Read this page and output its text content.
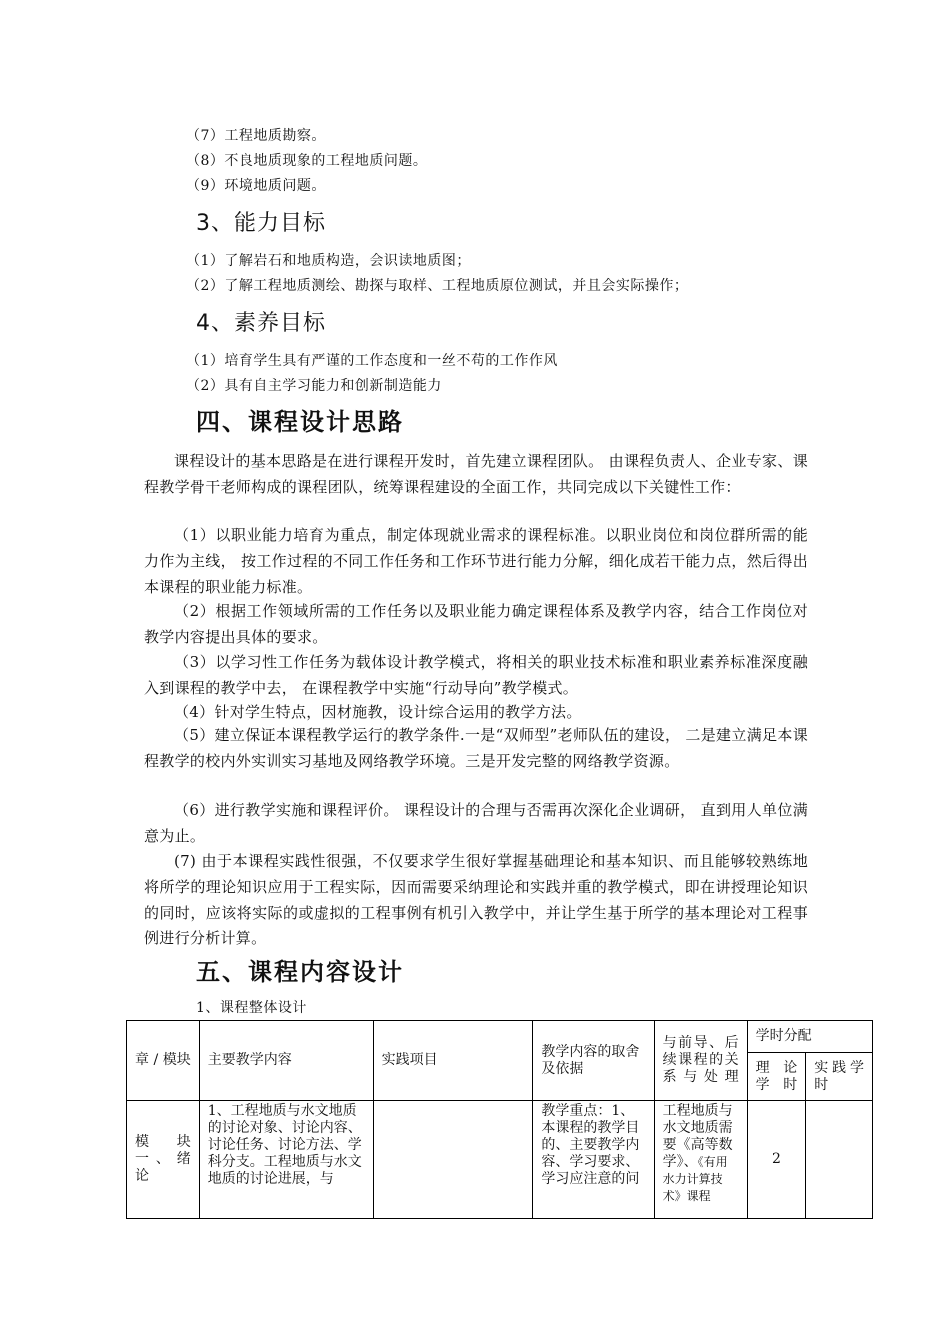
（7）工程地质勘察。
（8）不良地质现象的工程地质问题。
（9）环境地质问题。
3、能力目标
（1）了解岩石和地质构造，会识读地质图；
（2）了解工程地质测绘、勘探与取样、工程地质原位测试，并且会实际操作；
4、素养目标
（1）培育学生具有严谨的工作态度和一丝不苟的工作作风
（2）具有自主学习能力和创新制造能力
四、课程设计思路
课程设计的基本思路是在进行课程开发时，首先建立课程团队。 由课程负责人、企业专家、课程教学骨干老师构成的课程团队，统筹课程建设的全面工作，共同完成以下关键性工作：
（1）以职业能力培育为重点，制定体现就业需求的课程标准。以职业岗位和岗位群所需的能力作为主线， 按工作过程的不同工作任务和工作环节进行能力分解，细化成若干能力点，然后得出本课程的职业能力标准。
（2）根据工作领域所需的工作任务以及职业能力确定课程体系及教学内容，结合工作岗位对教学内容提出具体的要求。
（3）以学习性工作任务为载体设计教学模式，将相关的职业技术标准和职业素养标准深度融入到课程的教学中去， 在课程教学中实施“行动导向”教学模式。
（4）针对学生特点，因材施教，设计综合运用的教学方法。
（5）建立保证本课程教学运行的教学条件.一是“双师型”老师队伍的建设， 二是建立满足本课程教学的校内外实训实习基地及网络教学环境。三是开发完整的网络教学资源。
（6）进行教学实施和课程评价。 课程设计的合理与否需再次深化企业调研， 直到用人单位满意为止。
(7) 由于本课程实践性很强，不仅要求学生很好掌握基础理论和基本知识、而且能够较熟练地将所学的理论知识应用于工程实际，因而需要采纳理论和实践并重的教学模式，即在讲授理论知识的同时，应该将实际的或虚拟的工程事例有机引入教学中，并让学生基于所学的基本理论对工程事例进行分析计算。
五、课程内容设计
1、课程整体设计
章 / 模块	主要教学内容	实践项目	教学内容的取舍及依据	与前导、后续课程的关系与处理	学时分配	
					理论学时	实践学时
模块一、绪论	1、工程地质与水文地质的讨论对象、讨论内容、讨论任务、讨论方法、学科分支。工程地质与水文地质的讨论进展，与		教学重点：1、本课程的教学目的、主要教学内容、学习要求、学习应注意的问	工程地质与水文地质需要《高等数学》、《有用水力计算技术》课程	2	
